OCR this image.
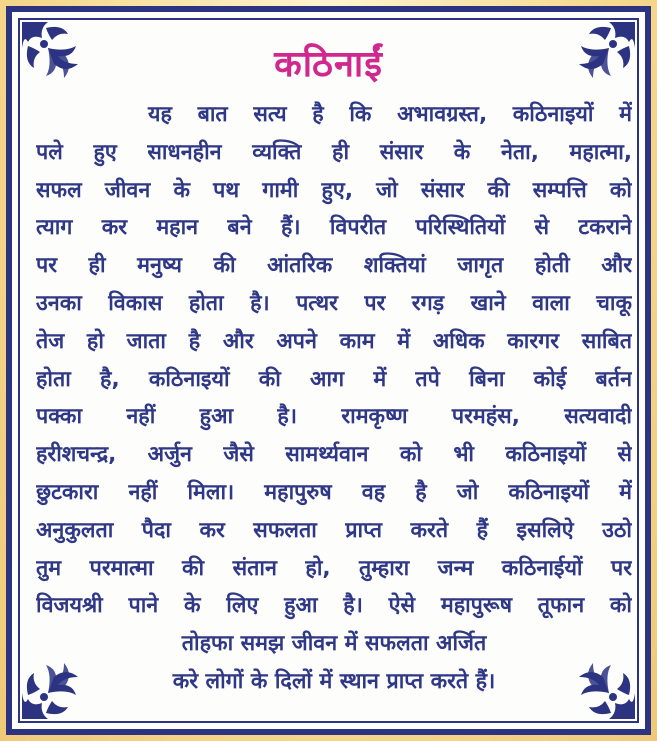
कठिनाईं
यह बात सत्य है कि अभावग्रस्त, कठिनाइयों में
पले हुए साधनहीन व्यक्ति ही संसार के नेता, महात्मा,
सफल जीवन के पथ गामी हुए, जो संसार की सम्पत्ति को
त्याग कर महान बने हैं। विपरीत परिस्थितियों से टकराने
पर ही मनुष्य की आंतरिक शक्तियां जागृत होती और
उनका विकास होता है। पत्थर पर रगड़ खाने वाला चाकू
तेज हो जाता है और अपने काम में अधिक कारगर साबित
होता है, कठिनाइयों की आग में तपे बिना कोई बर्तन
पक्का नहीं हुआ है। रामकृष्ण परमहंस, सत्यवादी
हरीशचन्द्र, अर्जुन जैसे सामर्थ्यवान को भी कठिनाइयों से
छुटकारा नहीं मिला। महापुरुष वह है जो कठिनाइयों में
अनुकुलता पैदा कर सफलता प्राप्त करते हैं इसलिऐ उठो
तुम परमात्मा की संतान हो, तुम्हारा जन्म कठिनाईयों पर
विजयश्री पाने के लिए हुआ है। ऐसे महापुरूष तूफान को
तोहफा समझ जीवन में सफलता अर्जित
करे लोगों के दिलों में स्थान प्राप्त करते हैं।
